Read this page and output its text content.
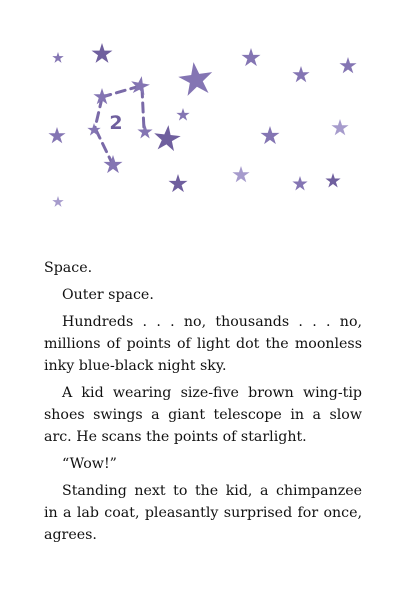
2

Space.

Outer space.

Hundreds . . . no, thousands . . . no, millions of points of light dot the moonless inky blue-black night sky.

A kid wearing size-five brown wing-tip shoes swings a giant telescope in a slow arc. He scans the points of starlight.

“Wow!”

Standing next to the kid, a chimpanzee in a lab coat, pleasantly surprised for once, agrees.
